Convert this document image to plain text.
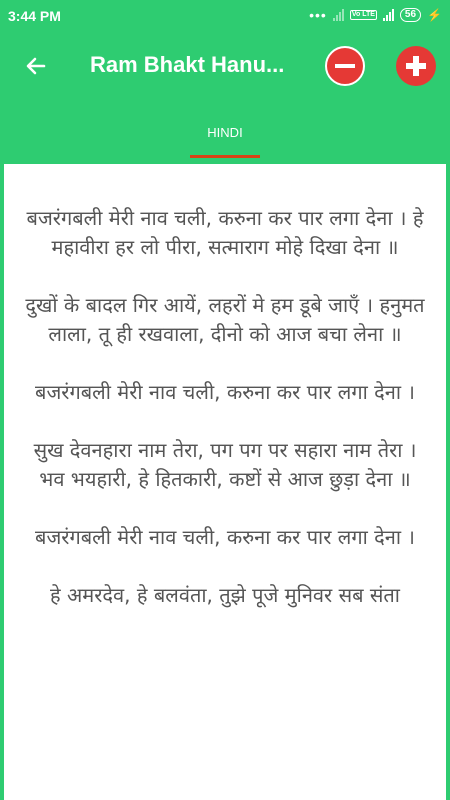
3:44 PM	•••	Vo LTE	56 ⚡
Ram Bhakt Hanu...
HINDI
बजरंगबली मेरी नाव चली, करुना कर पार लगा देना । हे महावीरा हर लो पीरा, सत्माराग मोहे दिखा देना ॥
दुखों के बादल गिर आयें, लहरों मे हम डूबे जाएँ । हनुमत लाला, तू ही रखवाला, दीनो को आज बचा लेना ॥
बजरंगबली मेरी नाव चली, करुना कर पार लगा देना ।
सुख देवनहारा नाम तेरा, पग पग पर सहारा नाम तेरा ।
भव भयहारी, हे हितकारी, कष्टों से आज छुड़ा देना ॥
बजरंगबली मेरी नाव चली, करुना कर पार लगा देना ।
हे अमरदेव, हे बलवंता, तुझे पूजे मुनिवर सब संता
